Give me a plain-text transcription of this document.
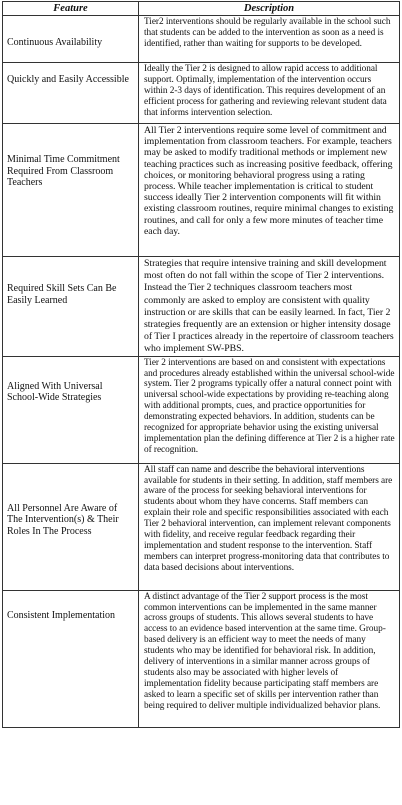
Feature	Description

Continuous Availability	Tier2 interventions should be regularly available in the school such that students can be added to the intervention as soon as a need is identified, rather than waiting for supports to be developed.

Quickly and Easily Accessible	Ideally the Tier 2 is designed to allow rapid access to additional support. Optimally, implementation of the intervention occurs within 2-3 days of identification. This requires development of an efficient process for gathering and reviewing relevant student data that informs intervention selection.

Minimal Time Commitment Required From Classroom Teachers	All Tier 2 interventions require some level of commitment and implementation from classroom teachers. For example, teachers may be asked to modify traditional methods or implement new teaching practices such as increasing positive feedback, offering choices, or monitoring behavioral progress using a rating process. While teacher implementation is critical to student success ideally Tier 2 intervention components will fit within existing classroom routines, require minimal changes to existing routines, and call for only a few more minutes of teacher time each day.

Required Skill Sets Can Be Easily Learned	Strategies that require intensive training and skill development most often do not fall within the scope of Tier 2 interventions. Instead the Tier 2 techniques classroom teachers most commonly are asked to employ are consistent with quality instruction or are skills that can be easily learned. In fact, Tier 2 strategies frequently are an extension or higher intensity dosage of Tier I practices already in the repertoire of classroom teachers who implement SW-PBS.

Aligned With Universal School-Wide Strategies	Tier 2 interventions are based on and consistent with expectations and procedures already established within the universal school-wide system. Tier 2 programs typically offer a natural connect point with universal school-wide expectations by providing re-teaching along with additional prompts, cues, and practice opportunities for demonstrating expected behaviors. In addition, students can be recognized for appropriate behavior using the existing universal implementation plan the defining difference at Tier 2 is a higher rate of recognition.

All Personnel Are Aware of The Intervention(s) & Their Roles In The Process	All staff can name and describe the behavioral interventions available for students in their setting. In addition, staff members are aware of the process for seeking behavioral interventions for students about whom they have concerns. Staff members can explain their role and specific responsibilities associated with each Tier 2 behavioral intervention, can implement relevant components with fidelity, and receive regular feedback regarding their implementation and student response to the intervention. Staff members can interpret progress-monitoring data that contributes to data based decisions about interventions.

Consistent Implementation	A distinct advantage of the Tier 2 support process is the most common interventions can be implemented in the same manner across groups of students. This allows several students to have access to an evidence based intervention at the same time. Group-based delivery is an efficient way to meet the needs of many students who may be identified for behavioral risk. In addition, delivery of interventions in a similar manner across groups of students also may be associated with higher levels of implementation fidelity because participating staff members are asked to learn a specific set of skills per intervention rather than being required to deliver multiple individualized behavior plans.
